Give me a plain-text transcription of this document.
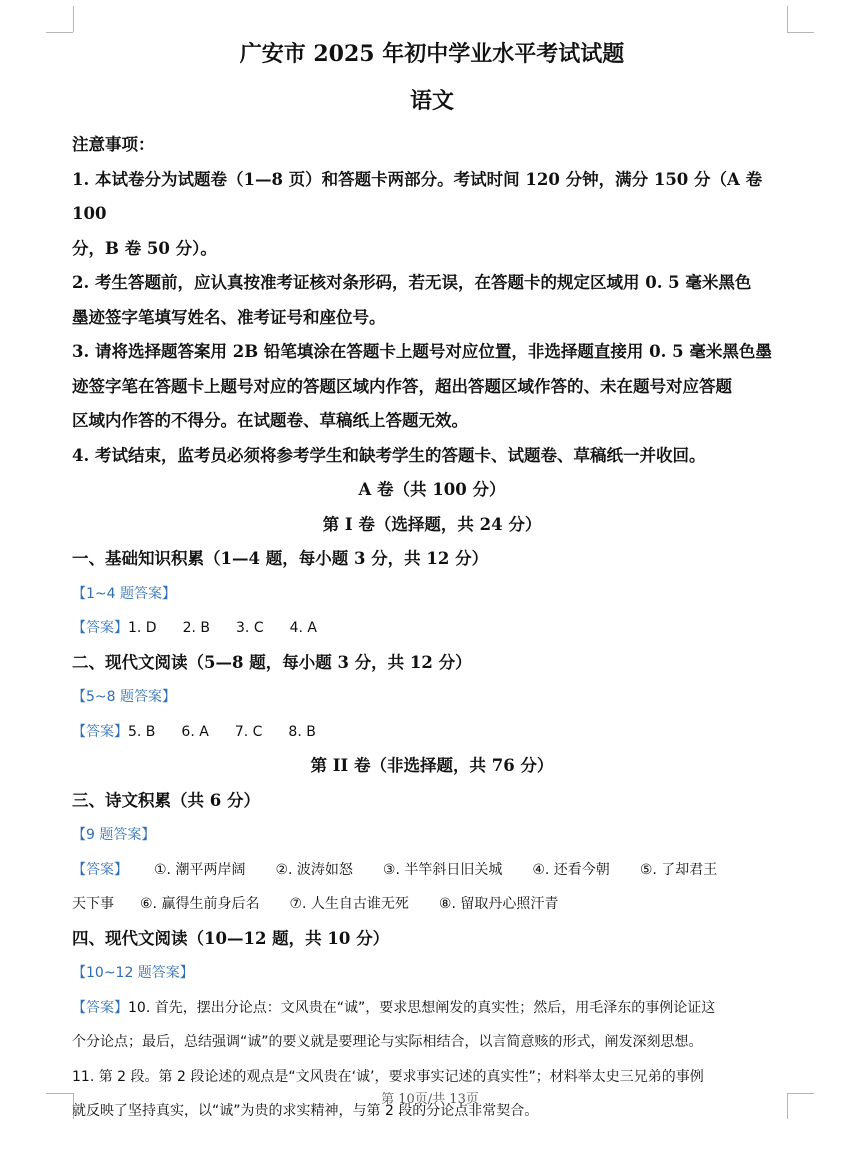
广安市 2025 年初中学业水平考试试题
语文

注意事项：

1. 本试卷分为试题卷（1—8 页）和答题卡两部分。考试时间 120 分钟，满分 150 分（A 卷 100

分，B 卷 50 分）。

2. 考生答题前，应认真按准考证核对条形码，若无误，在答题卡的规定区域用 0. 5 毫米黑色

墨迹签字笔填写姓名、准考证号和座位号。

3. 请将选择题答案用 2B 铅笔填涂在答题卡上题号对应位置，非选择题直接用 0. 5 毫米黑色墨

迹签字笔在答题卡上题号对应的答题区域内作答，超出答题区域作答的、未在题号对应答题

区域内作答的不得分。在试题卷、草稿纸上答题无效。

4. 考试结束，监考员必须将参考学生和缺考学生的答题卡、试题卷、草稿纸一并收回。

A 卷（共 100 分）

第 I 卷（选择题，共 24 分）

一、基础知识积累（1—4 题，每小题 3 分，共 12 分）

【1~4 题答案】

【答案】1. D 2. B 3. C 4. A

二、现代文阅读（5—8 题，每小题 3 分，共 12 分）

【5~8 题答案】

【答案】5. B 6. A 7. C 8. B

第 II 卷（非选择题，共 76 分）

三、诗文积累（共 6 分）

【9 题答案】

【答案】 ①. 潮平两岸阔 ②. 波涛如怒 ③. 半竿斜日旧关城 ④. 还看今朝 ⑤. 了却君王

天下事 ⑥. 赢得生前身后名 ⑦. 人生自古谁无死 ⑧. 留取丹心照汗青

四、现代文阅读（10—12 题，共 10 分）

【10~12 题答案】

【答案】10. 首先，摆出分论点：文风贵在“诚”，要求思想阐发的真实性；然后，用毛泽东的事例论证这

个分论点；最后，总结强调“诚”的要义就是要理论与实际相结合，以言简意赅的形式，阐发深刻思想。

11. 第 2 段。第 2 段论述的观点是“文风贵在‘诚’，要求事实记述的真实性”；材料举太史三兄弟的事例

就反映了坚持真实，以“诚”为贵的求实精神，与第 2 段的分论点非常契合。

第 10页/共 13页
